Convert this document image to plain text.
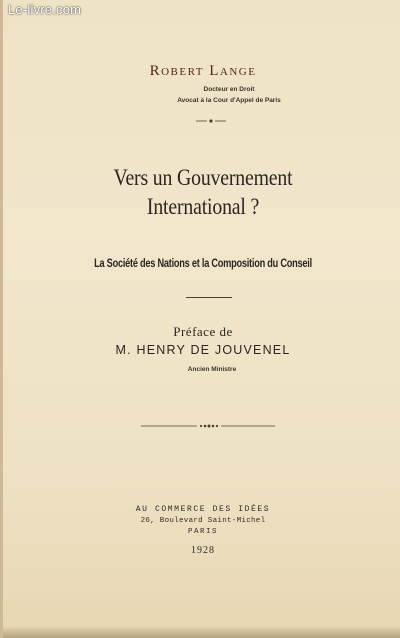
Le-livre.com
Robert Lange
Docteur en Droit
Avocat à la Cour d'Appel de Paris
Vers un Gouvernement
International ?
La Société des Nations et la Composition du Conseil
Préface de
M. HENRY DE JOUVENEL
Ancien Ministre
AU COMMERCE DES IDÉES
26, Boulevard Saint-Michel
PARIS
1928
